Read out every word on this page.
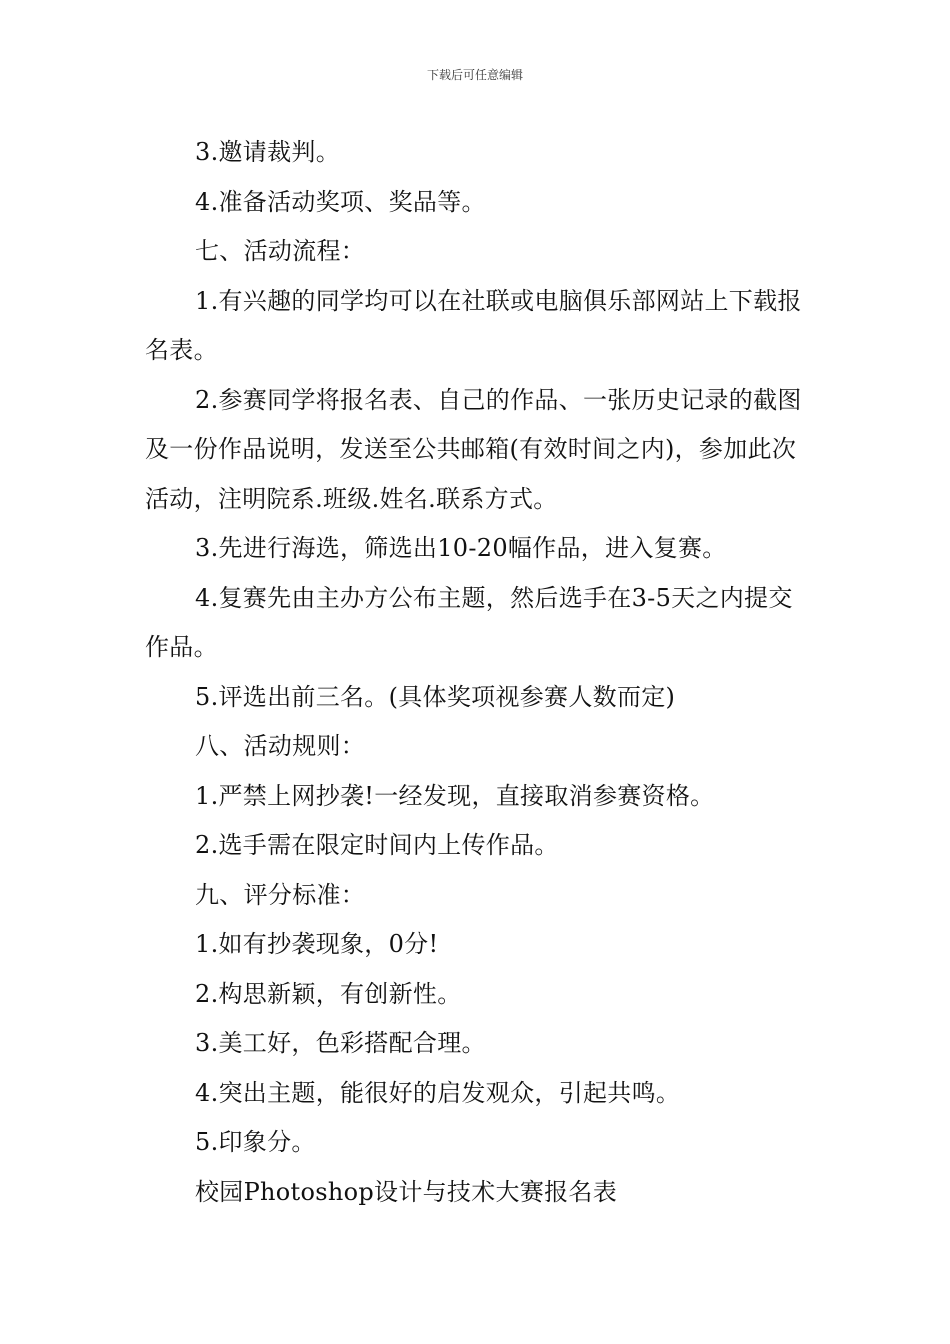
下载后可任意编辑

3.邀请裁判。

4.准备活动奖项、奖品等。

七、活动流程：

1.有兴趣的同学均可以在社联或电脑俱乐部网站上下载报名表。

2.参赛同学将报名表、自己的作品、一张历史记录的截图及一份作品说明，发送至公共邮箱(有效时间之内)，参加此次活动，注明院系.班级.姓名.联系方式。

3.先进行海选，筛选出10-20幅作品，进入复赛。

4.复赛先由主办方公布主题，然后选手在3-5天之内提交作品。

5.评选出前三名。(具体奖项视参赛人数而定)

八、活动规则：

1.严禁上网抄袭!一经发现，直接取消参赛资格。

2.选手需在限定时间内上传作品。

九、评分标准：

1.如有抄袭现象，0分!

2.构思新颖，有创新性。

3.美工好，色彩搭配合理。

4.突出主题，能很好的启发观众，引起共鸣。

5.印象分。

校园Photoshop设计与技术大赛报名表
